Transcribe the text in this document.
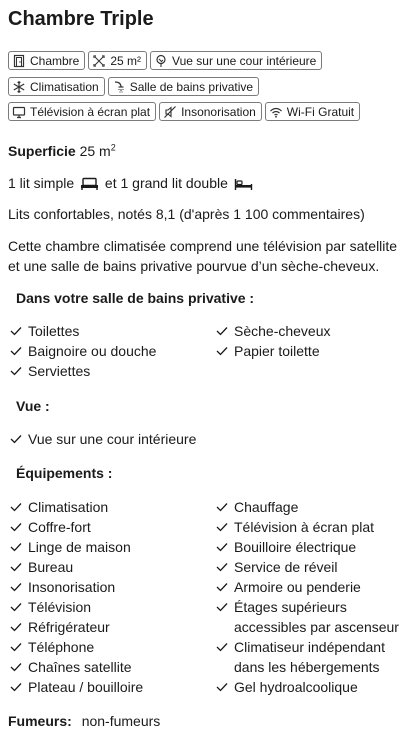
Chambre Triple
Chambre	25 m²	Vue sur une cour intérieure
Climatisation	Salle de bains privative
Télévision à écran plat	Insonorisation	Wi-Fi Gratuit
Superficie 25 $m^2$
1 lit simple et 1 grand lit double
Lits confortables, notés 8,1 (d'après 1 100 commentaires)
Cette chambre climatisée comprend une télévision par satellite et une salle de bains privative pourvue d’un sèche-cheveux.
Dans votre salle de bains privative :
Toilettes
Baignoire ou douche
Serviettes
Sèche-cheveux
Papier toilette
Vue :
Vue sur une cour intérieure
Équipements :
Climatisation
Coffre-fort
Linge de maison
Bureau
Insonorisation
Télévision
Réfrigérateur
Téléphone
Chaînes satellite
Plateau / bouilloire
Chauffage
Télévision à écran plat
Bouilloire électrique
Service de réveil
Armoire ou penderie
Étages supérieurs accessibles par ascenseur
Climatiseur indépendant dans les hébergements
Gel hydroalcoolique
Fumeurs: non-fumeurs
